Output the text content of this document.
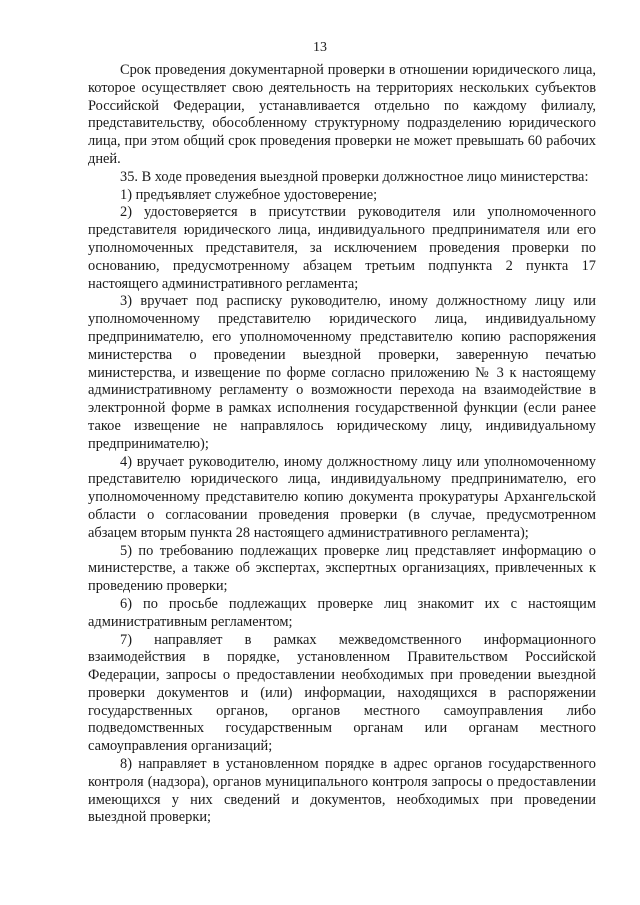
13

Срок проведения документарной проверки в отношении юридического лица, которое осуществляет свою деятельность на территориях нескольких субъектов Российской Федерации, устанавливается отдельно по каждому филиалу, представительству, обособленному структурному подразделению юридического лица, при этом общий срок проведения проверки не может превышать 60 рабочих дней.

35. В ходе проведения выездной проверки должностное лицо министерства:

1) предъявляет служебное удостоверение;

2) удостоверяется в присутствии руководителя или уполномоченного представителя юридического лица, индивидуального предпринимателя или его уполномоченных представителя, за исключением проведения проверки по основанию, предусмотренному абзацем третьим подпункта 2 пункта 17 настоящего административного регламента;

3) вручает под расписку руководителю, иному должностному лицу или уполномоченному представителю юридического лица, индивидуальному предпринимателю, его уполномоченному представителю копию распоряжения министерства о проведении выездной проверки, заверенную печатью министерства, и извещение по форме согласно приложению № 3 к настоящему административному регламенту о возможности перехода на взаимодействие в электронной форме в рамках исполнения государственной функции (если ранее такое извещение не направлялось юридическому лицу, индивидуальному предпринимателю);

4) вручает руководителю, иному должностному лицу или уполномоченному представителю юридического лица, индивидуальному предпринимателю, его уполномоченному представителю копию документа прокуратуры Архангельской области о согласовании проведения проверки (в случае, предусмотренном абзацем вторым пункта 28 настоящего административного регламента);

5) по требованию подлежащих проверке лиц представляет информацию о министерстве, а также об экспертах, экспертных организациях, привлеченных к проведению проверки;

6) по просьбе подлежащих проверке лиц знакомит их с настоящим административным регламентом;

7) направляет в рамках межведомственного информационного взаимодействия в порядке, установленном Правительством Российской Федерации, запросы о предоставлении необходимых при проведении выездной проверки документов и (или) информации, находящихся в распоряжении государственных органов, органов местного самоуправления либо подведомственных государственным органам или органам местного самоуправления организаций;

8) направляет в установленном порядке в адрес органов государственного контроля (надзора), органов муниципального контроля запросы о предоставлении имеющихся у них сведений и документов, необходимых при проведении выездной проверки;
